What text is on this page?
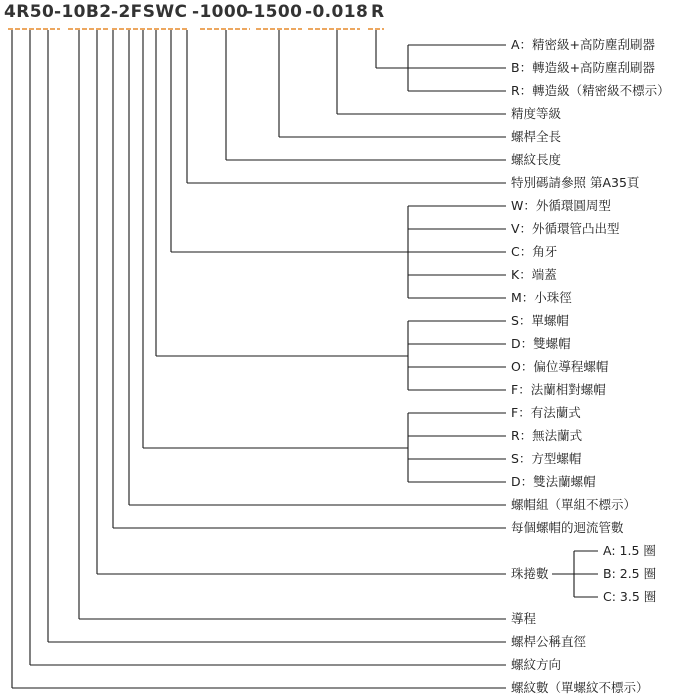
4R50 -10B2 -2FSWC -1000
-1500 -0.018 R
A：精密級+高防塵刮刷器
B：轉造級+高防塵刮刷器
R：轉造級（精密級不標示）
精度等級
螺桿全長
螺紋長度
特別碼請參照 第A35頁
W：外循環圓周型
V：外循環管凸出型
C：角牙
K：端蓋
M：小珠徑
S：單螺帽
D：雙螺帽
O：偏位導程螺帽
F：法蘭相對螺帽
F：有法蘭式
R：無法蘭式
S：方型螺帽
D：雙法蘭螺帽
螺帽組（單組不標示）
每個螺帽的迴流管數
珠捲數
A: 1.5 圈
B: 2.5 圈
C: 3.5 圈
導程
螺桿公稱直徑
螺紋方向
螺紋數（單螺紋不標示）
